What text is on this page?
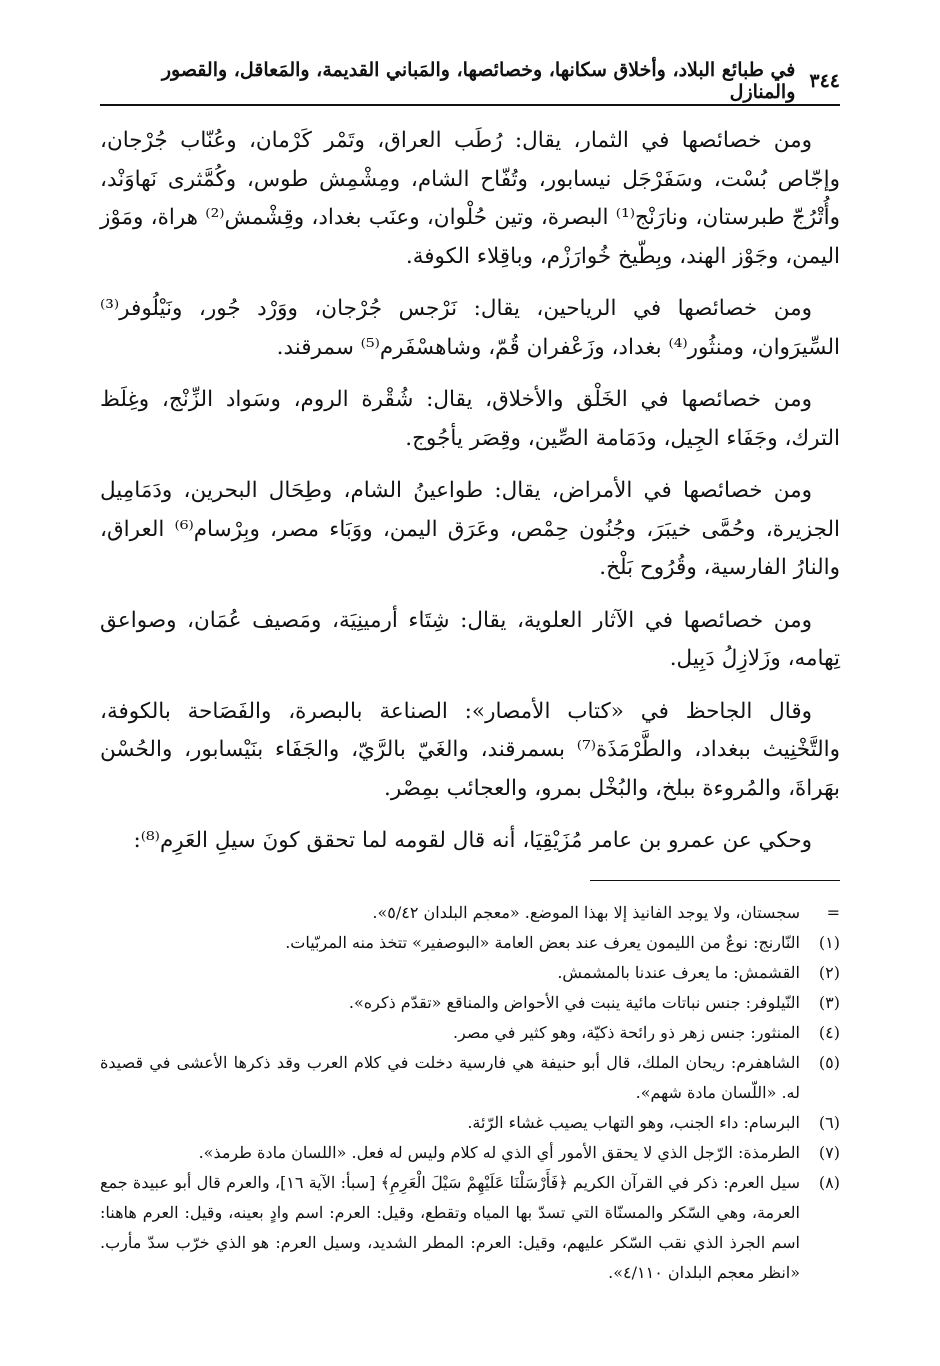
٣٤٤
في طبائع البلاد، وأخلاق سكانها، وخصائصها، والمَباني القديمة، والمَعاقل، والقصور والمنازل

ومن خصائصها في الثمار، يقال: رُطَب العراق، وتَمْر كَرْمان، وعُنّاب جُرْجان، وإجّاص بُسْت، وسَفَرْجَل نيسابور، وتُفّاح الشام، ومِشْمِش طوس، وكُمَّثرى نَهاوَنْد، وأُتْرُجّ طبرستان، ونارَنْج⁽¹⁾ البصرة، وتين حُلْوان، وعنَب بغداد، وقِشْمش⁽²⁾ هراة، ومَوْز اليمن، وجَوْز الهند، وبِطّيخ خُوارَزْم، وباقِلاء الكوفة.

ومن خصائصها في الرياحين، يقال: نَرْجس جُرْجان، ووَرْد جُور، ونَيْلُوفر⁽³⁾ السِّيرَوان، ومنثُور⁽⁴⁾ بغداد، وزَعْفران قُمّ، وشاهسْفَرم⁽⁵⁾ سمرقند.

ومن خصائصها في الخَلْق والأخلاق، يقال: شُقْرة الروم، وسَواد الزِّنْج، وغِلَظ الترك، وجَفَاء الجِيل، ودَمَامة الصِّين، وقِصَر يأجُوج.

ومن خصائصها في الأمراض، يقال: طواعينُ الشام، وطِحَال البحرين، ودَمَامِيل الجزيرة، وحُمَّى خيبَرَ، وجُنُون حِمْص، وعَرَق اليمن، ووَبَاء مصر، وبِرْسام⁽⁶⁾ العراق، والنارُ الفارسية، وقُرُوح بَلْخ.

ومن خصائصها في الآثار العلوية، يقال: شِتَاء أرمينِيَة، ومَصيف عُمَان، وصواعق تِهامه، وزَلازِلُ دَبِيل.

وقال الجاحظ في «كتاب الأمصار»: الصناعة بالبصرة، والفَصَاحة بالكوفة، والتَّخْنِيث ببغداد، والطَّرْمَذَة⁽⁷⁾ بسمرقند، والغَيّ بالرَّيّ، والجَفَاء بنَيْسابور، والحُسْن بهَراةَ، والمُروءة ببلخ، والبُخْل بمرو، والعجائب بمِصْر.

وحكي عن عمرو بن عامر مُزَيْقِيَا، أنه قال لقومه لما تحقق كونَ سيلِ العَرِم⁽⁸⁾:

=
سجستان، ولا يوجد الفانيذ إلا بهذا الموضع. «معجم البلدان ٥/٤٢».
(١)
النّارنج: نوعٌ من الليمون يعرف عند بعض العامة «البوصفير» تتخذ منه المربّيات.
(٢)
القشمش: ما يعرف عندنا بالمشمش.
(٣)
النّيلوفر: جنس نباتات مائية ينبت في الأحواض والمناقع «تقدّم ذكره».
(٤)
المنثور: جنس زهر ذو رائحة ذكيّة، وهو كثير في مصر.
(٥)
الشاهفرم: ريحان الملك، قال أبو حنيفة هي فارسية دخلت في كلام العرب وقد ذكرها الأعشى في قصيدة له. «اللّسان مادة شهم».
(٦)
البرسام: داء الجنب، وهو التهاب يصيب غشاء الرّئة.
(٧)
الطرمذة: الرّجل الذي لا يحقق الأمور أي الذي له كلام وليس له فعل. «اللسان مادة طرمذ».
(٨)
سيل العرم: ذكر في القرآن الكريم ﴿فَأَرْسَلْنَا عَلَيْهِمْ سَيْلَ الْعَرِمِ﴾ [سبأ: الآية ١٦]، والعرم قال أبو عبيدة جمع العرمة، وهي السّكر والمسنّاة التي تسدّ بها المياه وتقطع، وقيل: العرم: اسم وادٍ بعينه، وقيل: العرم هاهنا: اسم الجرذ الذي نقب السّكر عليهم، وقيل: العرم: المطر الشديد، وسيل العرم: هو الذي خرّب سدّ مأرب. «انظر معجم البلدان ٤/١١٠».
